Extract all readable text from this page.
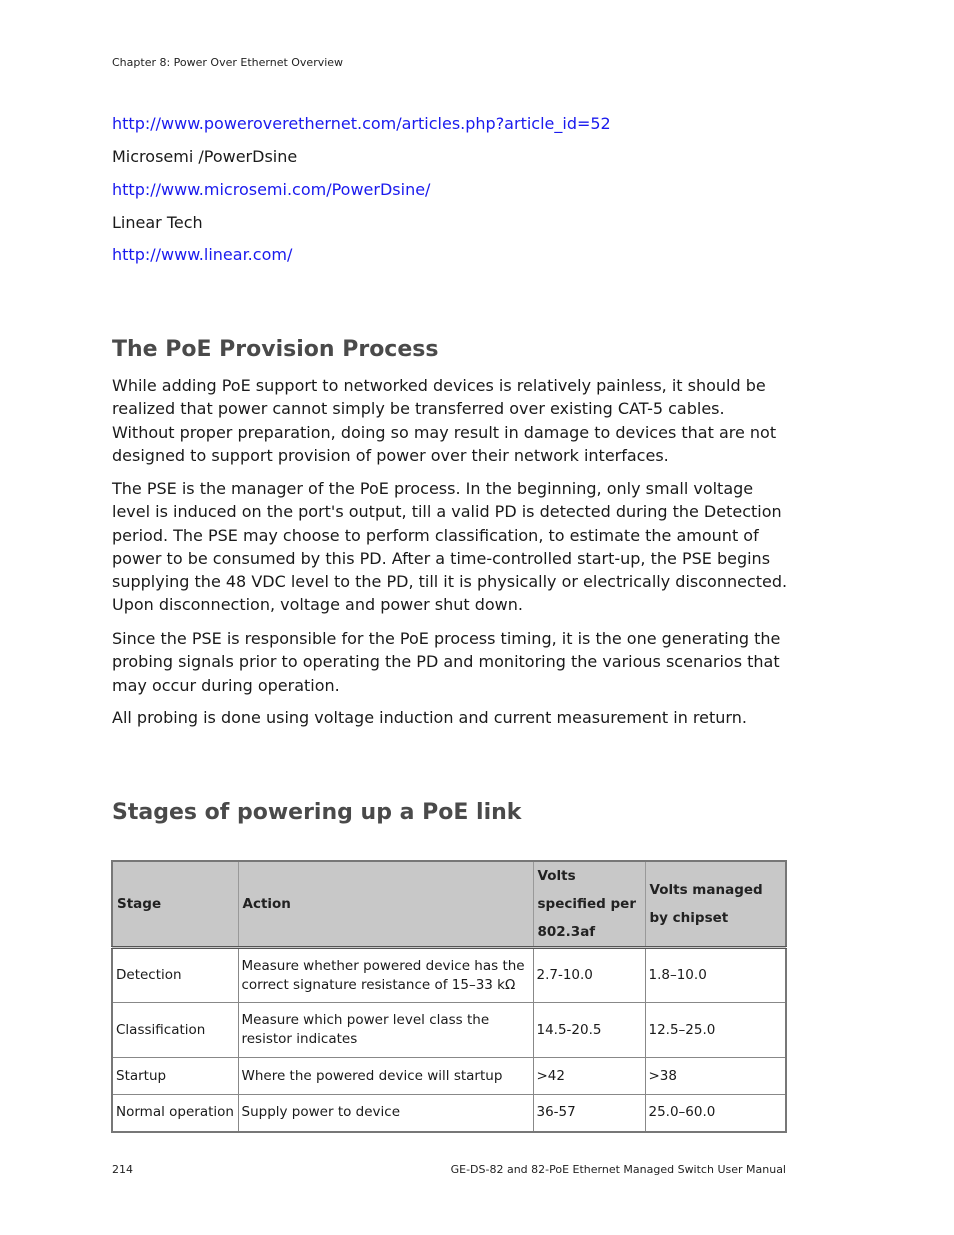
Chapter 8: Power Over Ethernet Overview
http://www.poweroverethernet.com/articles.php?article_id=52
Microsemi /PowerDsine
http://www.microsemi.com/PowerDsine/
Linear Tech
http://www.linear.com/
The PoE Provision Process

While adding PoE support to networked devices is relatively painless, it should be realized that power cannot simply be transferred over existing CAT-5 cables. Without proper preparation, doing so may result in damage to devices that are not designed to support provision of power over their network interfaces.

The PSE is the manager of the PoE process. In the beginning, only small voltage level is induced on the port's output, till a valid PD is detected during the Detection period. The PSE may choose to perform classification, to estimate the amount of power to be consumed by this PD. After a time-controlled start-up, the PSE begins supplying the 48 VDC level to the PD, till it is physically or electrically disconnected. Upon disconnection, voltage and power shut down.

Since the PSE is responsible for the PoE process timing, it is the one generating the probing signals prior to operating the PD and monitoring the various scenarios that may occur during operation.

All probing is done using voltage induction and current measurement in return.

Stages of powering up a PoE link
Stage	Action	Volts specified per 802.3af	Volts managed by chipset
Detection	Measure whether powered device has the correct signature resistance of 15–33 kΩ	2.7-10.0	1.8–10.0
Classification	Measure which power level class the resistor indicates	14.5-20.5	12.5–25.0
Startup	Where the powered device will startup	>42	>38
Normal operation	Supply power to device	36-57	25.0–60.0
214	GE-DS-82 and 82-PoE Ethernet Managed Switch User Manual
